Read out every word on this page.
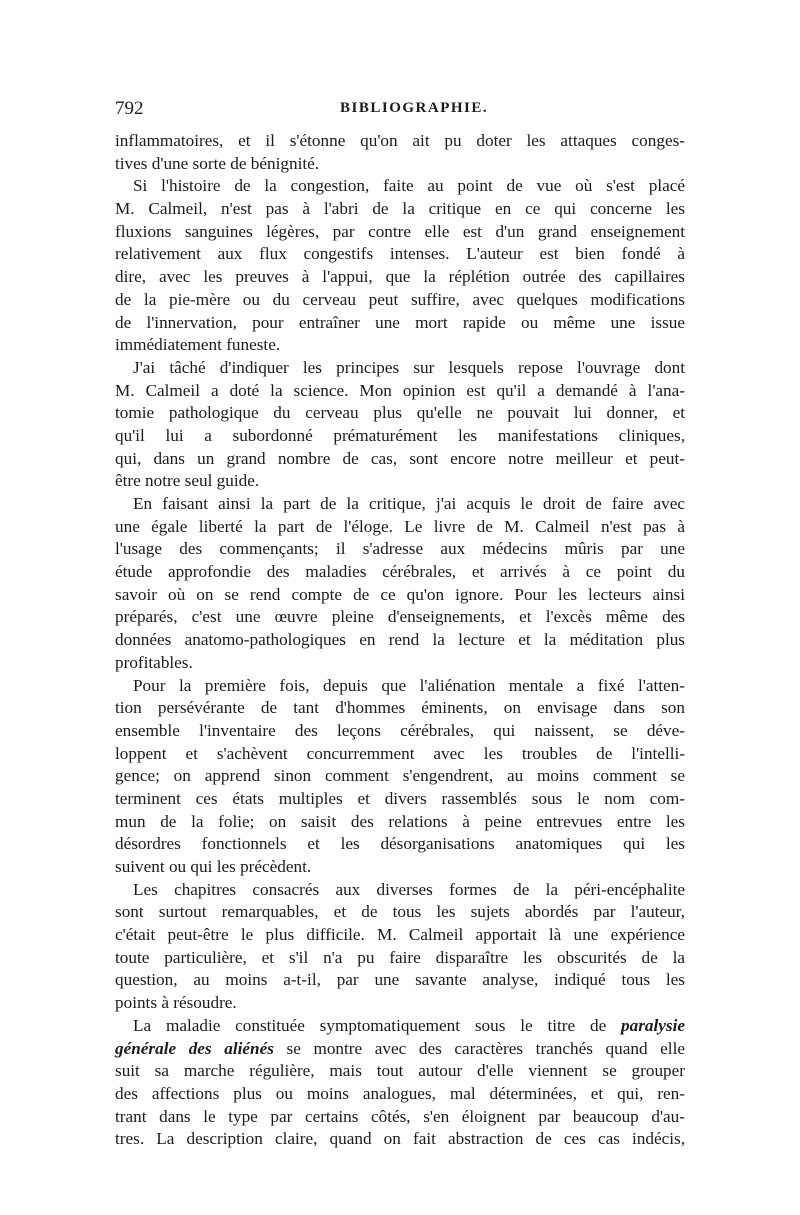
792	BIBLIOGRAPHIE.
inflammatoires, et il s'étonne qu'on ait pu doter les attaques conges-
tives d'une sorte de bénignité.
Si l'histoire de la congestion, faite au point de vue où s'est placé
M. Calmeil, n'est pas à l'abri de la critique en ce qui concerne les
fluxions sanguines légères, par contre elle est d'un grand enseignement
relativement aux flux congestifs intenses. L'auteur est bien fondé à
dire, avec les preuves à l'appui, que la réplétion outrée des capillaires
de la pie-mère ou du cerveau peut suffire, avec quelques modifications
de l'innervation, pour entraîner une mort rapide ou même une issue
immédiatement funeste.
J'ai tâché d'indiquer les principes sur lesquels repose l'ouvrage dont
M. Calmeil a doté la science. Mon opinion est qu'il a demandé à l'ana-
tomie pathologique du cerveau plus qu'elle ne pouvait lui donner, et
qu'il lui a subordonné prématurément les manifestations cliniques,
qui, dans un grand nombre de cas, sont encore notre meilleur et peut-
être notre seul guide.
En faisant ainsi la part de la critique, j'ai acquis le droit de faire avec
une égale liberté la part de l'éloge. Le livre de M. Calmeil n'est pas à
l'usage des commençants; il s'adresse aux médecins mûris par une
étude approfondie des maladies cérébrales, et arrivés à ce point du
savoir où on se rend compte de ce qu'on ignore. Pour les lecteurs ainsi
préparés, c'est une œuvre pleine d'enseignements, et l'excès même des
données anatomo-pathologiques en rend la lecture et la méditation plus
profitables.
Pour la première fois, depuis que l'aliénation mentale a fixé l'atten-
tion persévérante de tant d'hommes éminents, on envisage dans son
ensemble l'inventaire des leçons cérébrales, qui naissent, se déve-
loppent et s'achèvent concurremment avec les troubles de l'intelli-
gence; on apprend sinon comment s'engendrent, au moins comment se
terminent ces états multiples et divers rassemblés sous le nom com-
mun de la folie; on saisit des relations à peine entrevues entre les
désordres fonctionnels et les désorganisations anatomiques qui les
suivent ou qui les précèdent.
Les chapitres consacrés aux diverses formes de la péri-encéphalite
sont surtout remarquables, et de tous les sujets abordés par l'auteur,
c'était peut-être le plus difficile. M. Calmeil apportait là une expérience
toute particulière, et s'il n'a pu faire disparaître les obscurités de la
question, au moins a-t-il, par une savante analyse, indiqué tous les
points à résoudre.
La maladie constituée symptomatiquement sous le titre de paralysie
générale des aliénés se montre avec des caractères tranchés quand elle
suit sa marche régulière, mais tout autour d'elle viennent se grouper
des affections plus ou moins analogues, mal déterminées, et qui, ren-
trant dans le type par certains côtés, s'en éloignent par beaucoup d'au-
tres. La description claire, quand on fait abstraction de ces cas indécis,
